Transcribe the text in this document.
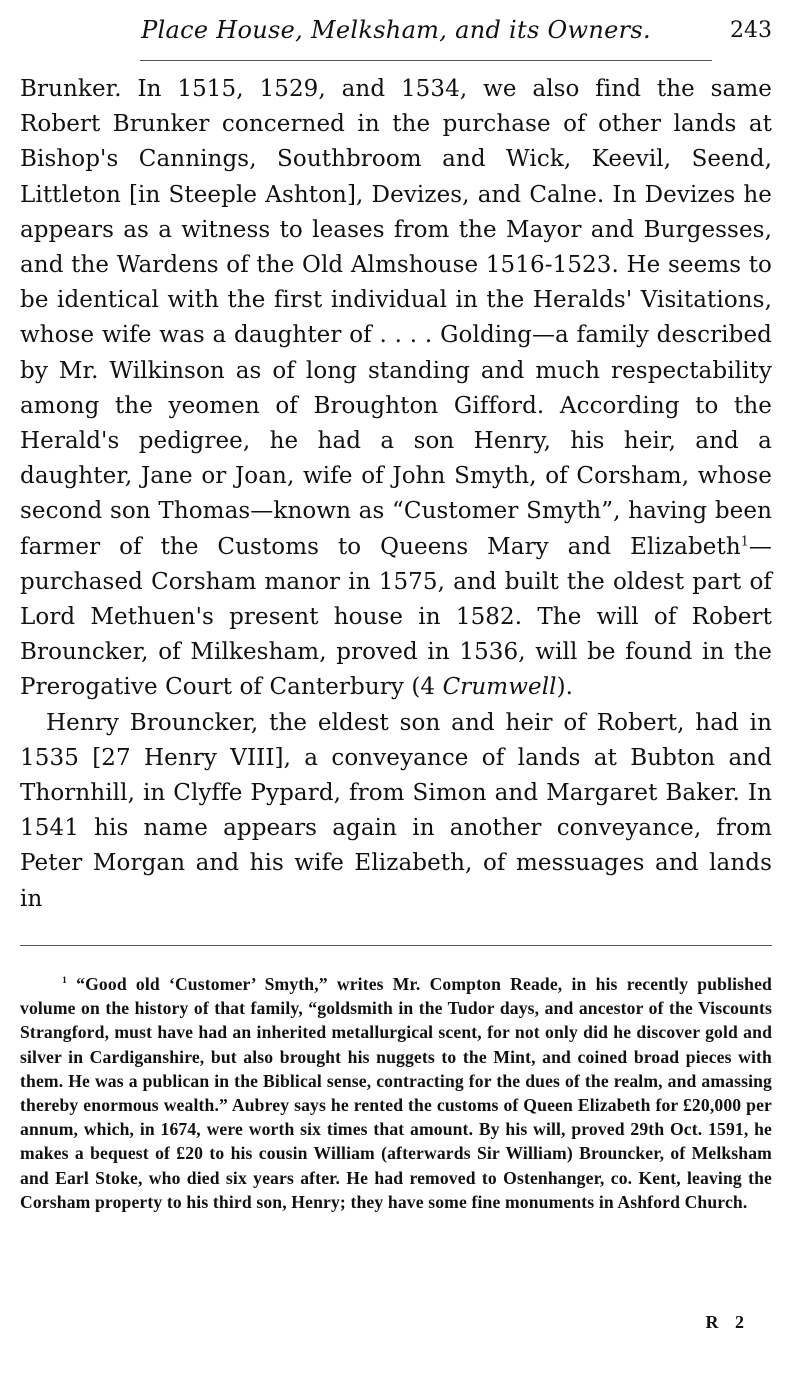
Place House, Melksham, and its Owners.	243

Brunker. In 1515, 1529, and 1534, we also find the same Robert Brunker concerned in the purchase of other lands at Bishop's Cannings, Southbroom and Wick, Keevil, Seend, Littleton [in Steeple Ashton], Devizes, and Calne. In Devizes he appears as a witness to leases from the Mayor and Burgesses, and the Wardens of the Old Almshouse 1516-1523. He seems to be identical with the first individual in the Heralds' Visitations, whose wife was a daughter of . . . . Golding—a family described by Mr. Wilkinson as of long standing and much respectability among the yeomen of Broughton Gifford. According to the Herald's pedigree, he had a son Henry, his heir, and a daughter, Jane or Joan, wife of John Smyth, of Corsham, whose second son Thomas—known as “Customer Smyth”, having been farmer of the Customs to Queens Mary and Elizabeth$^1$—purchased Corsham manor in 1575, and built the oldest part of Lord Methuen's present house in 1582. The will of Robert Brouncker, of Milkesham, proved in 1536, will be found in the Prerogative Court of Canterbury (4 Crumwell).

Henry Brouncker, the eldest son and heir of Robert, had in 1535 [27 Henry VIII], a conveyance of lands at Bubton and Thornhill, in Clyffe Pypard, from Simon and Margaret Baker. In 1541 his name appears again in another conveyance, from Peter Morgan and his wife Elizabeth, of messuages and lands in

$^1$ “Good old ‘Customer’ Smyth,” writes Mr. Compton Reade, in his recently published volume on the history of that family, “goldsmith in the Tudor days, and ancestor of the Viscounts Strangford, must have had an inherited metallurgical scent, for not only did he discover gold and silver in Cardiganshire, but also brought his nuggets to the Mint, and coined broad pieces with them. He was a publican in the Biblical sense, contracting for the dues of the realm, and amassing thereby enormous wealth.” Aubrey says he rented the customs of Queen Elizabeth for £20,000 per annum, which, in 1674, were worth six times that amount. By his will, proved 29th Oct. 1591, he makes a bequest of £20 to his cousin William (afterwards Sir William) Brouncker, of Melksham and Earl Stoke, who died six years after. He had removed to Ostenhanger, co. Kent, leaving the Corsham property to his third son, Henry; they have some fine monuments in Ashford Church.

R 2
